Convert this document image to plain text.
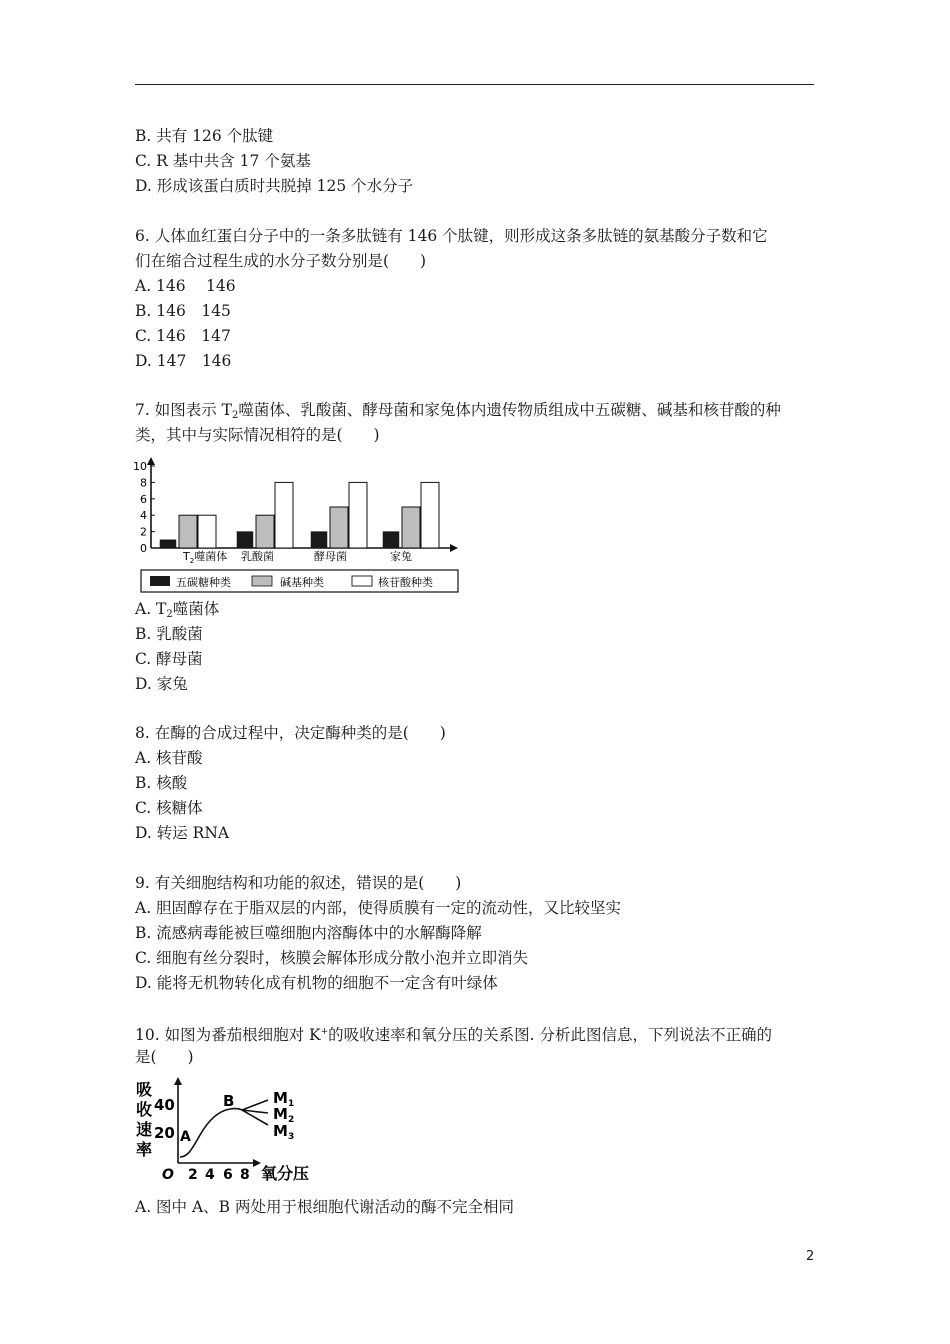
B. 共有 126 个肽键
C. R 基中共含 17 个氨基
D. 形成该蛋白质时共脱掉 125 个水分子
6. 人体血红蛋白分子中的一条多肽链有 146 个肽键，则形成这条多肽链的氨基酸分子数和它
们在缩合过程生成的水分子数分别是(　　)
A. 146　 146
B. 146　145
C. 146　147
D. 147　146
7. 如图表示 $T_2$噬菌体、乳酸菌、酵母菌和家兔体内遗传物质组成中五碳糖、碱基和核苷酸的种
类，其中与实际情况相符的是(　　)
10
8
6
4
2
0
$T_2$噬菌体 乳酸菌	酵母菌	家兔
五碳糖种类	碱基种类	核苷酸种类
A. $T_2$噬菌体
B. 乳酸菌
C. 酵母菌
D. 家兔
8. 在酶的合成过程中，决定酶种类的是(　　)
A. 核苷酸
B. 核酸
C. 核糖体
D. 转运 RNA
9. 有关细胞结构和功能的叙述，错误的是(　　)
A. 胆固醇存在于脂双层的内部，使得质膜有一定的流动性，又比较坚实
B. 流感病毒能被巨噬细胞内溶酶体中的水解酶降解
C. 细胞有丝分裂时，核膜会解体形成分散小泡并立即消失
D. 能将无机物转化成有机物的细胞不一定含有叶绿体
10. 如图为番茄根细胞对 K+的吸收速率和氧分压的关系图. 分析此图信息，下列说法不正确的
是(　　)
吸
收
速
率
40
20
O 2 4 6 8 氧分压
A
B	$M_1$
$M_2$
$M_3$
A. 图中 A、B 两处用于根细胞代谢活动的酶不完全相同
2
